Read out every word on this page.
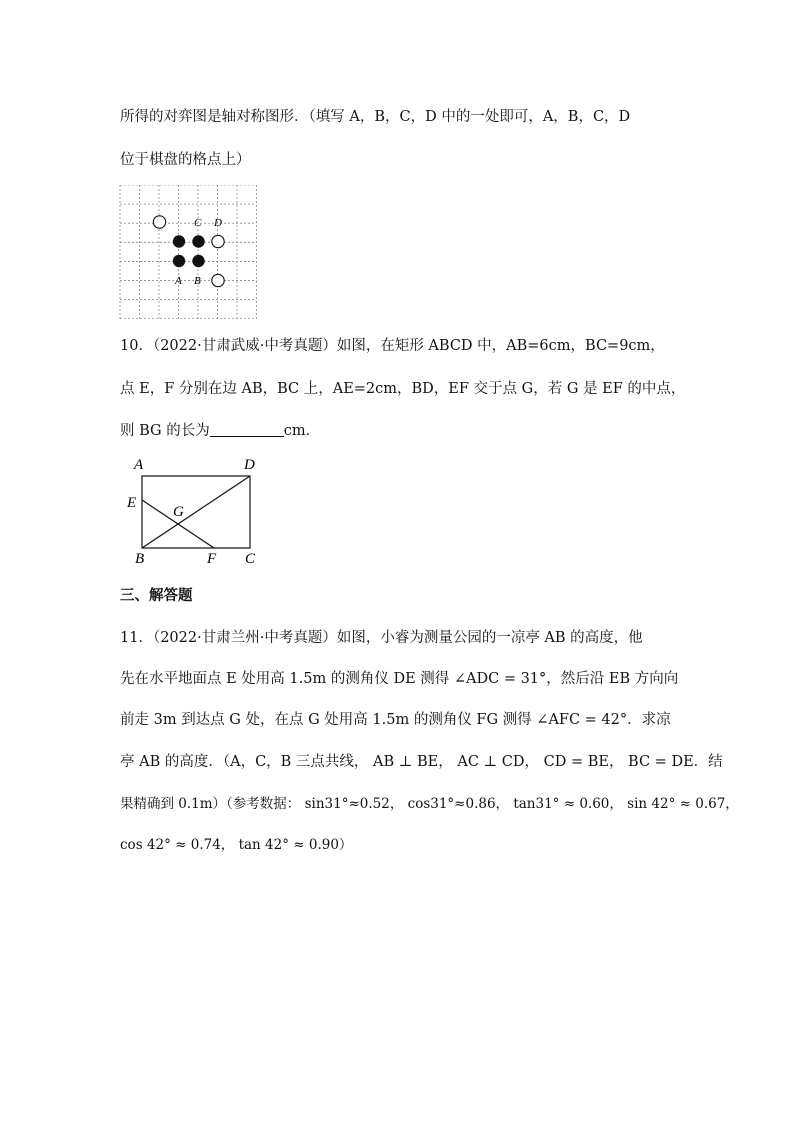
所得的对弈图是轴对称图形．（填写 A，B，C，D 中的一处即可，A，B，C，D
位于棋盘的格点上）
C D
A B
10．（2022·甘肃武威·中考真题）如图，在矩形 ABCD 中，AB=6cm，BC=9cm，
点 E，F 分别在边 AB，BC 上，AE=2cm，BD，EF 交于点 G，若 G 是 EF 的中点，
则 BG 的长为	cm．
A	D
E
G
B	F C
三、解答题
11．（2022·甘肃兰州·中考真题）如图，小睿为测量公园的一凉亭 AB 的高度，他
先在水平地面点 E 处用高 1.5m 的测角仪 DE 测得 ∠ADC = 31°，然后沿 EB 方向向
前走 3m 到达点 G 处，在点 G 处用高 1.5m 的测角仪 FG 测得 ∠AFC = 42°．求凉
亭 AB 的高度．（A，C，B 三点共线， AB ⊥ BE， AC ⊥ CD， CD = BE， BC = DE．结
果精确到 0.1m）（参考数据： sin31°≈0.52， cos31°≈0.86， tan31° ≈ 0.60， sin 42° ≈ 0.67，
cos 42° ≈ 0.74， tan 42° ≈ 0.90）
